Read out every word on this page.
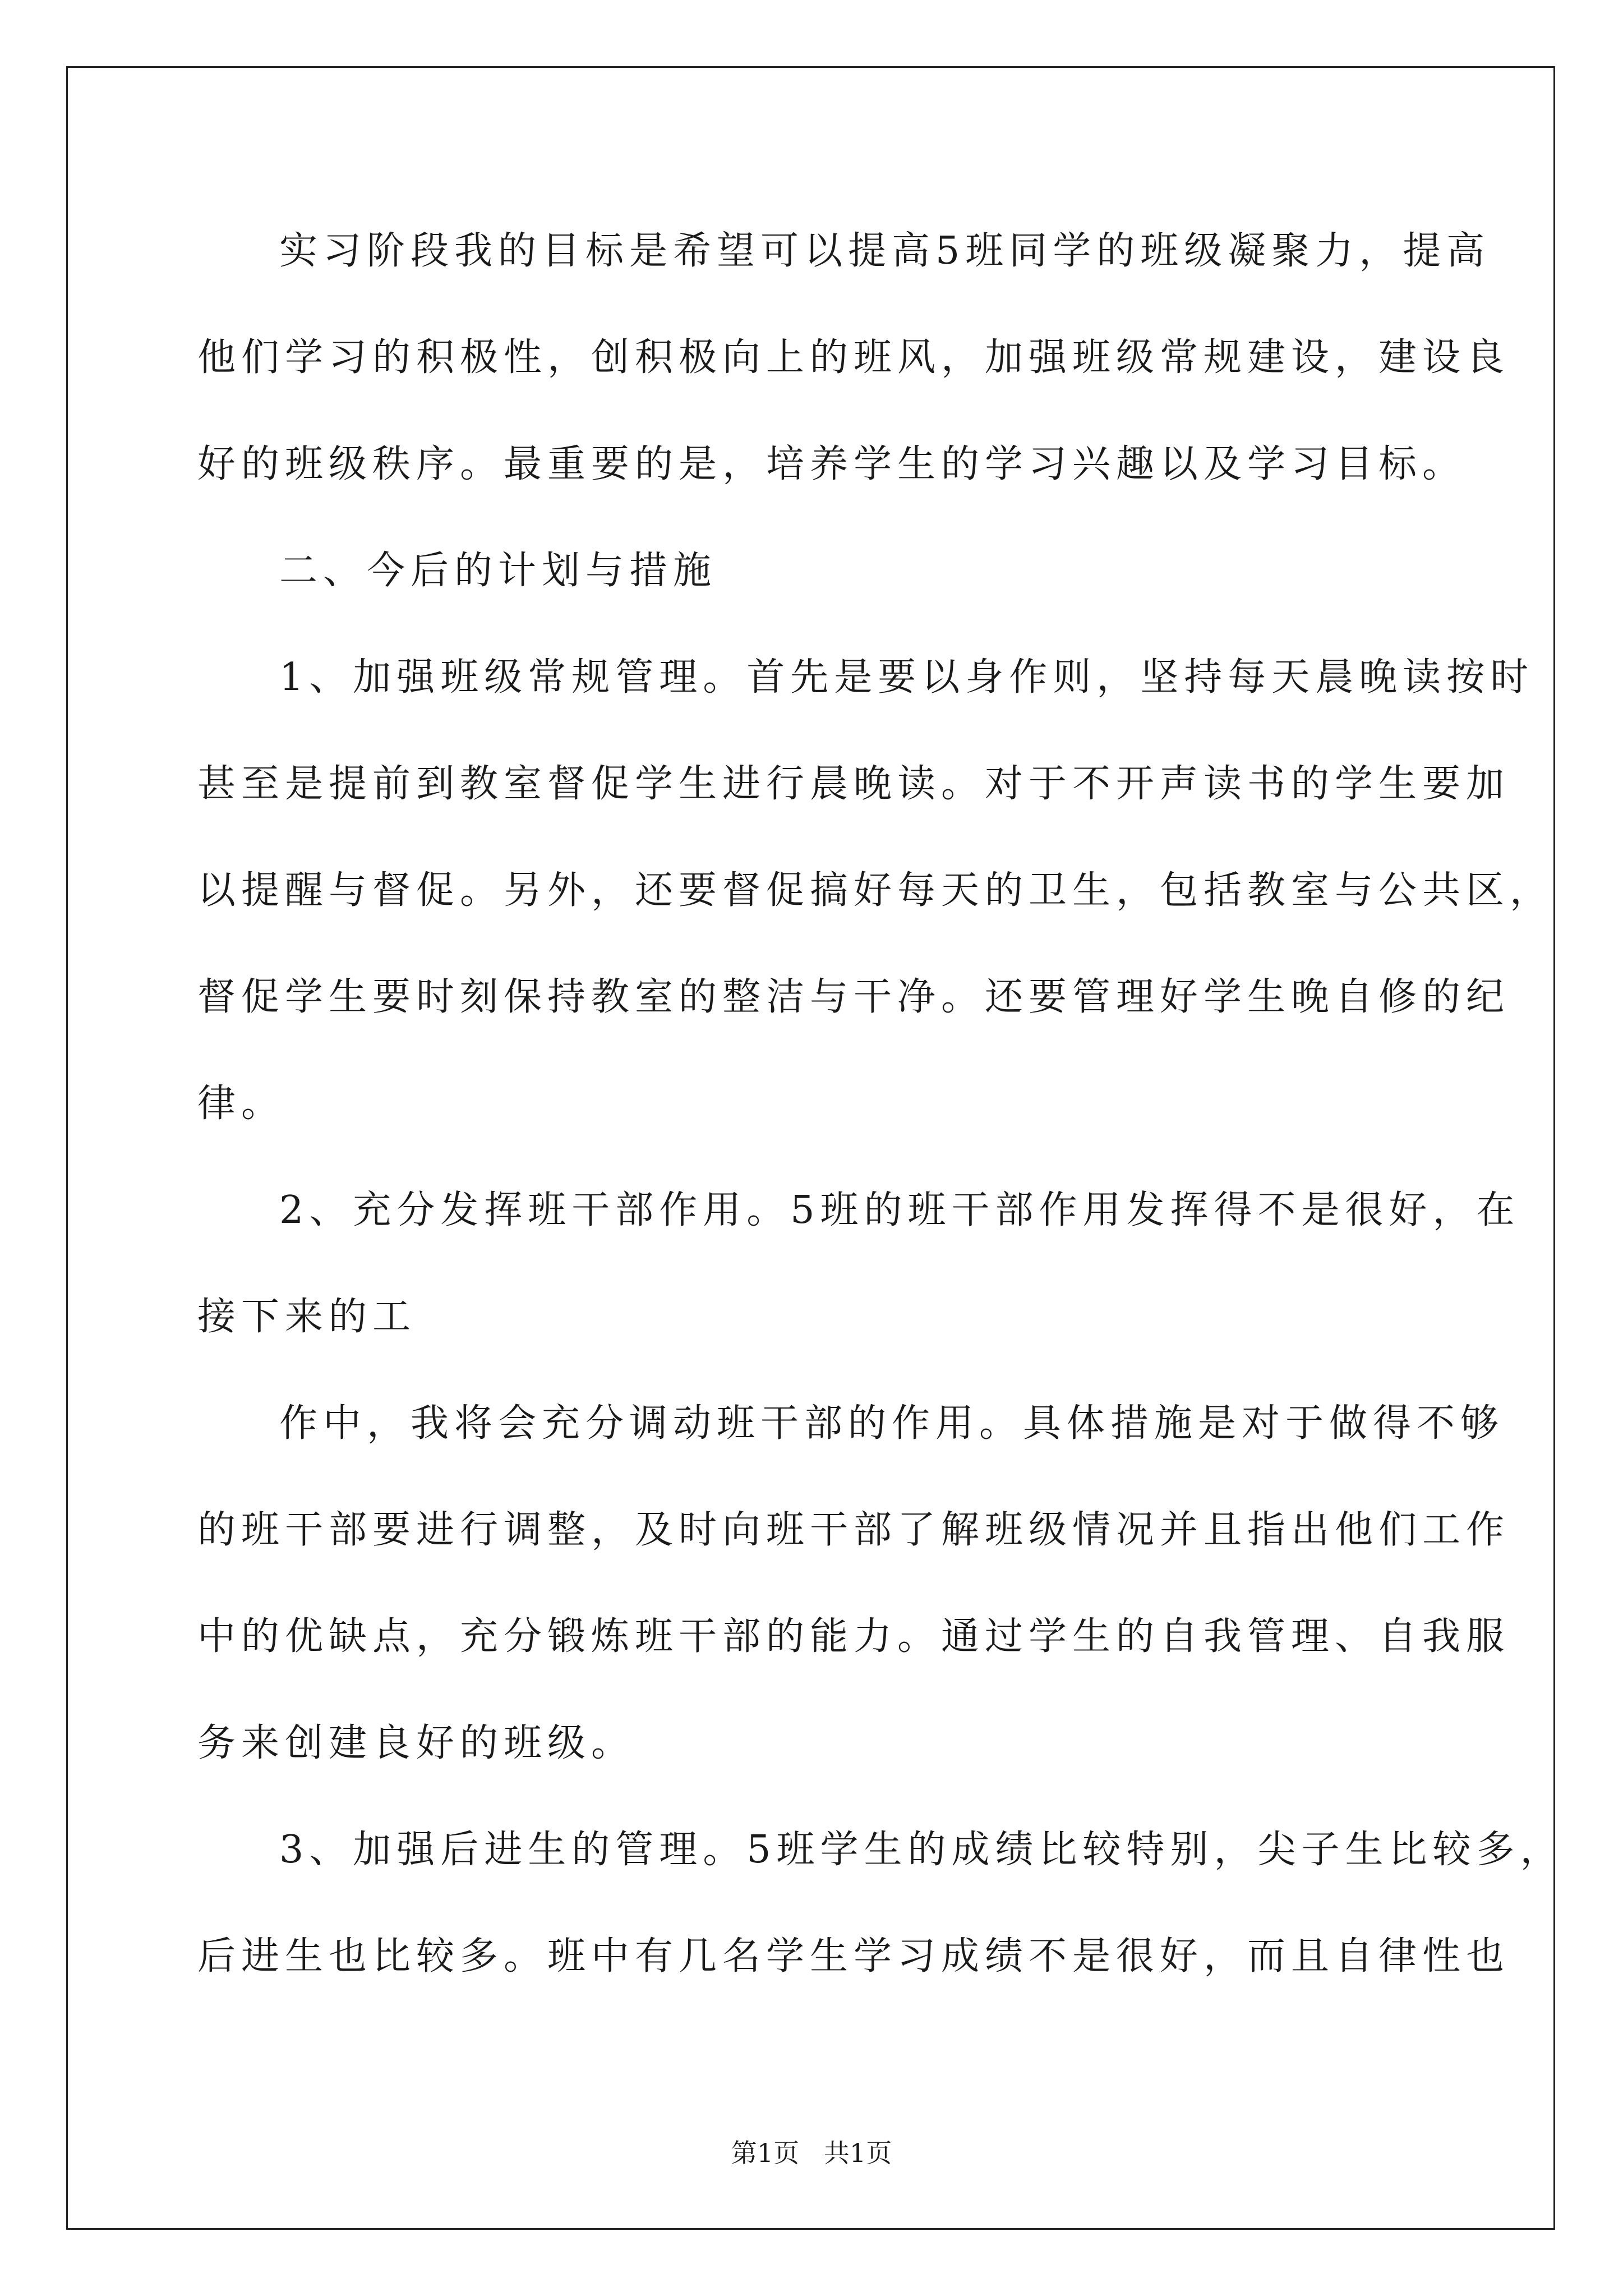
实习阶段我的目标是希望可以提高5班同学的班级凝聚力，提高
他们学习的积极性，创积极向上的班风，加强班级常规建设，建设良
好的班级秩序。最重要的是，培养学生的学习兴趣以及学习目标。
二、今后的计划与措施
1、加强班级常规管理。首先是要以身作则，坚持每天晨晚读按时
甚至是提前到教室督促学生进行晨晚读。对于不开声读书的学生要加
以提醒与督促。另外，还要督促搞好每天的卫生，包括教室与公共区，
督促学生要时刻保持教室的整洁与干净。还要管理好学生晚自修的纪
律。
2、充分发挥班干部作用。5班的班干部作用发挥得不是很好，在
接下来的工
作中，我将会充分调动班干部的作用。具体措施是对于做得不够
的班干部要进行调整，及时向班干部了解班级情况并且指出他们工作
中的优缺点，充分锻炼班干部的能力。通过学生的自我管理、自我服
务来创建良好的班级。
3、加强后进生的管理。5班学生的成绩比较特别，尖子生比较多，
后进生也比较多。班中有几名学生学习成绩不是很好，而且自律性也
第1页   共1页
